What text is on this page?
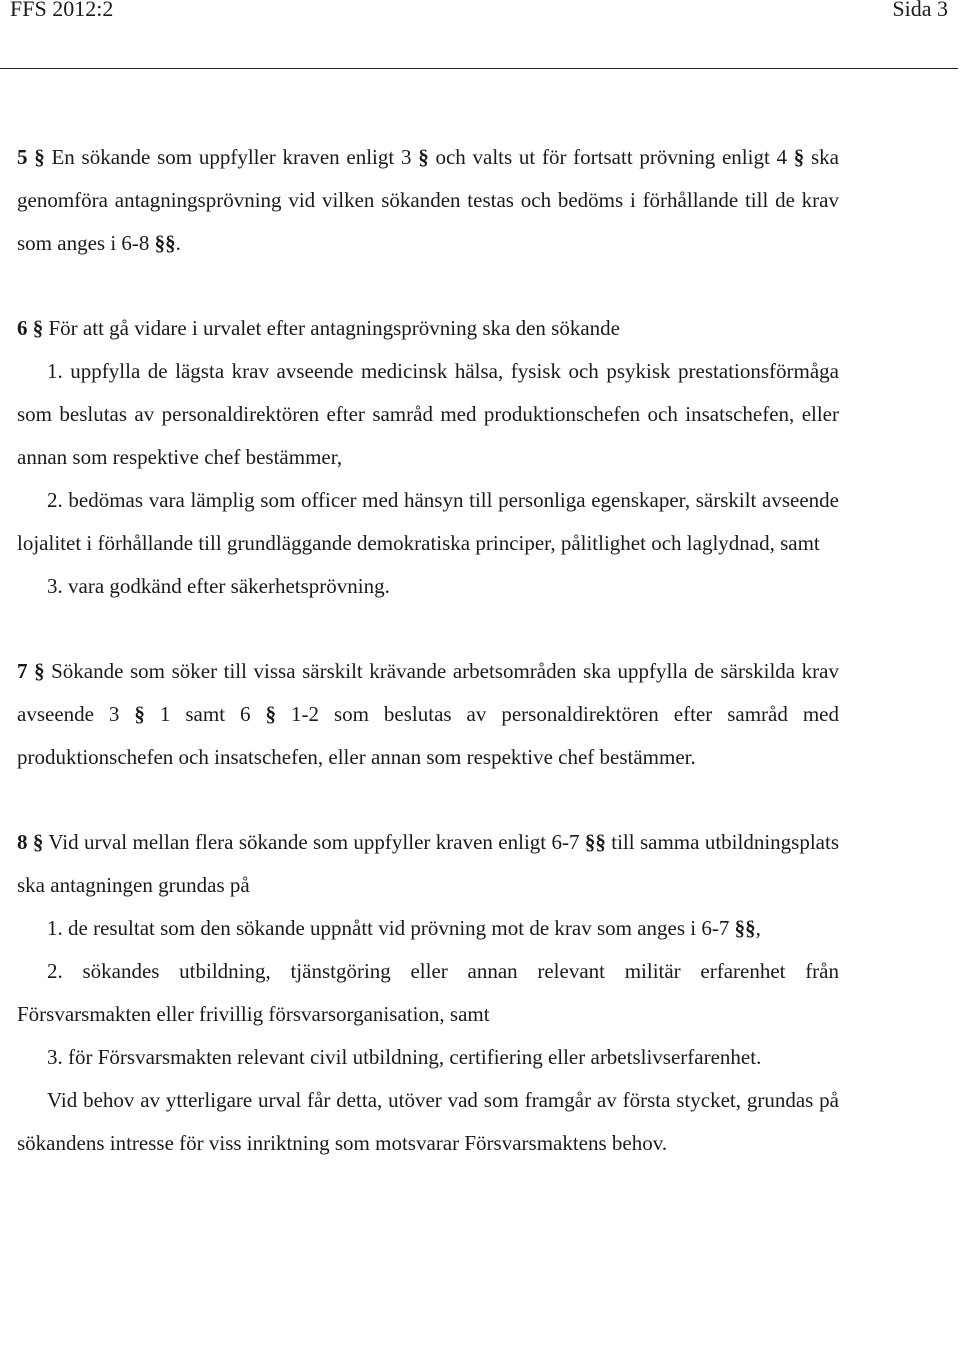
FFS 2012:2	Sida 3

5 § En sökande som uppfyller kraven enligt 3 § och valts ut för fortsatt prövning enligt 4 § ska genomföra antagningsprövning vid vilken sökanden testas och bedöms i förhållande till de krav som anges i 6-8 §§.

6 § För att gå vidare i urvalet efter antagningsprövning ska den sökande

1. uppfylla de lägsta krav avseende medicinsk hälsa, fysisk och psykisk prestationsförmåga som beslutas av personaldirektören efter samråd med produktionschefen och insatschefen, eller annan som respektive chef bestämmer,

2. bedömas vara lämplig som officer med hänsyn till personliga egenskaper, särskilt avseende lojalitet i förhållande till grundläggande demokratiska principer, pålitlighet och laglydnad, samt

3. vara godkänd efter säkerhetsprövning.

7 § Sökande som söker till vissa särskilt krävande arbetsområden ska uppfylla de särskilda krav avseende 3 § 1 samt 6 § 1-2 som beslutas av personaldirektören efter samråd med produktionschefen och insatschefen, eller annan som respektive chef bestämmer.

8 § Vid urval mellan flera sökande som uppfyller kraven enligt 6-7 §§ till samma utbildningsplats ska antagningen grundas på

1. de resultat som den sökande uppnått vid prövning mot de krav som anges i 6-7 §§,

2. sökandes utbildning, tjänstgöring eller annan relevant militär erfarenhet från Försvarsmakten eller frivillig försvarsorganisation, samt

3. för Försvarsmakten relevant civil utbildning, certifiering eller arbetslivserfarenhet.

Vid behov av ytterligare urval får detta, utöver vad som framgår av första stycket, grundas på sökandens intresse för viss inriktning som motsvarar Försvarsmaktens behov.
